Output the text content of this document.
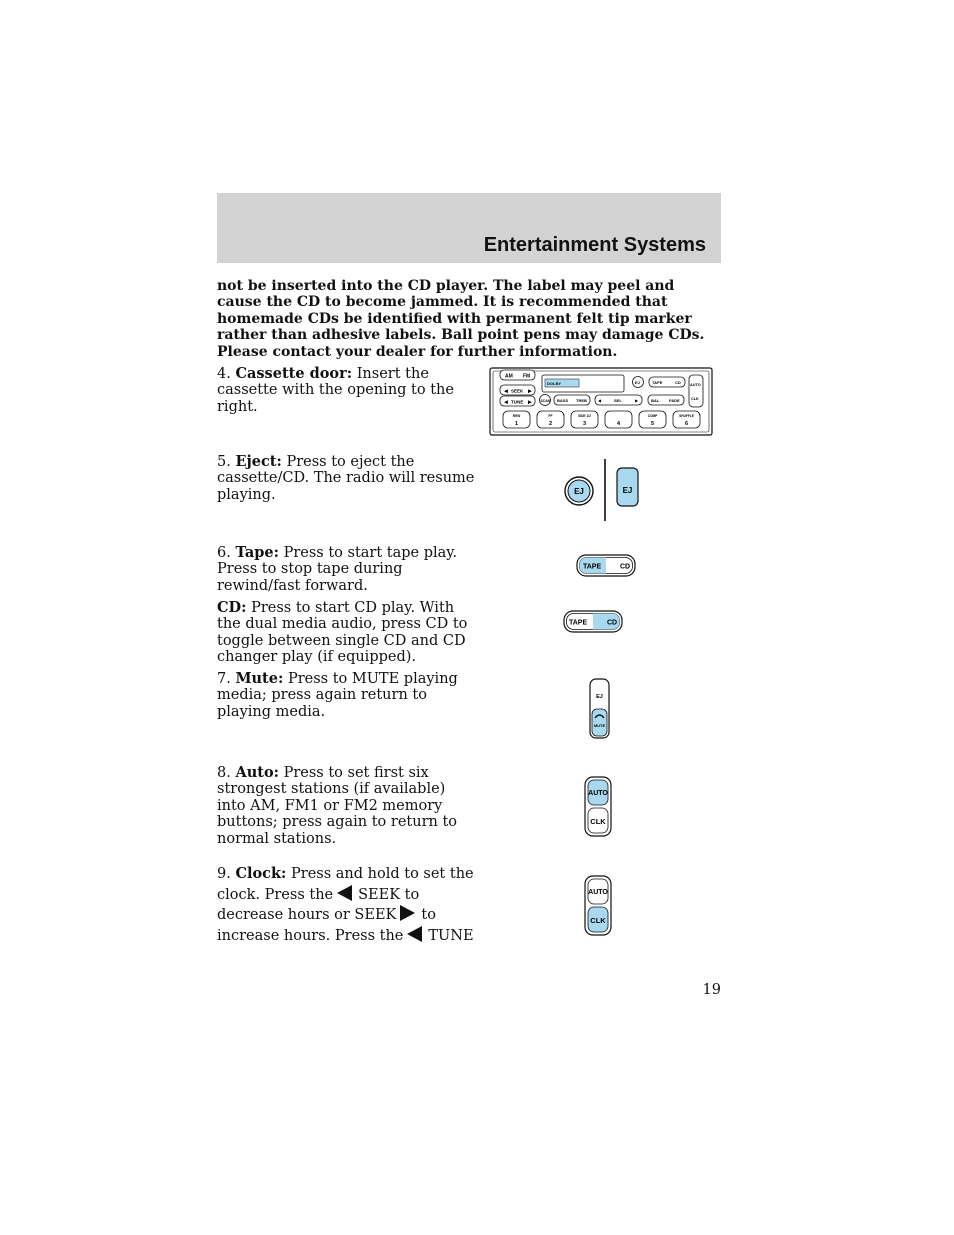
Entertainment Systems
not be inserted into the CD player. The label may peel and cause the CD to become jammed. It is recommended that homemade CDs be identified with permanent felt tip marker rather than adhesive labels. Ball point pens may damage CDs. Please contact your dealer for further information.
4. Cassette door: Insert the cassette with the opening to the right.
5. Eject: Press to eject the cassette/CD. The radio will resume playing.
6. Tape: Press to start tape play. Press to stop tape during rewind/fast forward.
CD: Press to start CD play. With the dual media audio, press CD to toggle between single CD and CD changer play (if equipped).
7. Mute: Press to MUTE playing media; press again return to playing media.
8. Auto: Press to set first six strongest stations (if available) into AM, FM1 or FM2 memory buttons; press again to return to normal stations.
9. Clock: Press and hold to set the clock. Press the SEEK to decrease hours or SEEK to increase hours. Press the TUNE
AM FM
◀ SEEK ▶
◀ TUNE ▶
DOLBY	EJ	TAPE	CD AUTO
CLK
SCAN BASS TREB	◀	SEL	▶	BAL FADE
REW	FF	SIDE 1/2	COMP	SHUFFLE
1	2	3	4	5	6
EJ	EJ
TAPE	CD
TAPE	CD
EJ
MUTE
AUTO
CLK
AUTO
CLK
19
